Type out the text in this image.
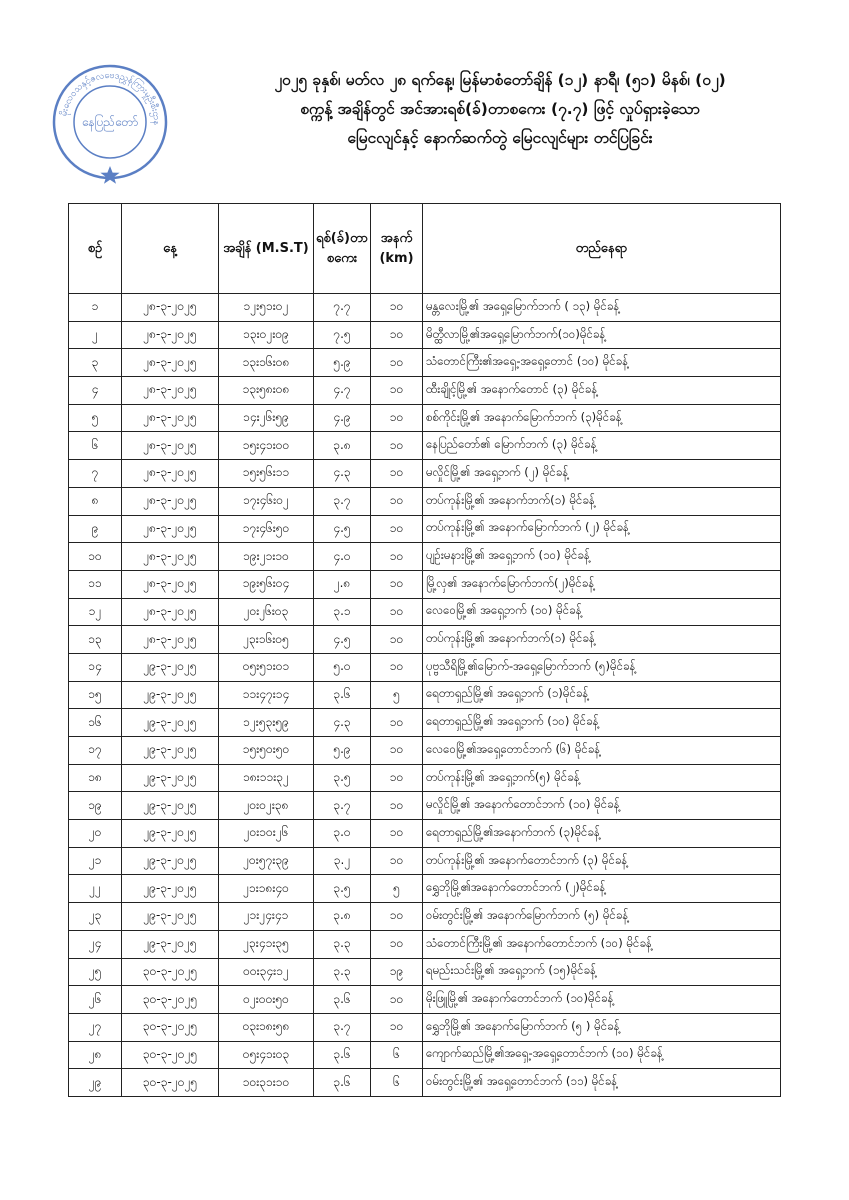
မိုးလေဝသနှင့်ဇလဗေဒညွှန်ကြားမှုဦးစီးဌာန
နေပြည်တော်
၂၀၂၅ ခုနှစ်၊ မတ်လ ၂၈ ရက်နေ့၊ မြန်မာစံတော်ချိန် (၁၂) နာရီ၊ (၅၁) မိနစ်၊ (၀၂)
စက္ကန့် အချိန်တွင် အင်အားရစ်(ခ်)တာစကေး (၇.၇) ဖြင့် လှုပ်ရှားခဲ့သော
မြေငလျင်နှင့် နောက်ဆက်တွဲ မြေငလျင်များ တင်ပြခြင်း
စဉ်	နေ့	အချိန် (M.S.T)	ရစ်(ခ်)တာစကေး	အနက် (km)	တည်နေရာ
၁	၂၈-၃-၂၀၂၅	၁၂း၅၁း၀၂	၇.၇	၁၀	မန္တလေးမြို့၏ အရှေ့မြောက်ဘက် ( ၁၃) မိုင်ခန့်
၂	၂၈-၃-၂၀၂၅	၁၃း၀၂း၀၉	၇.၅	၁၀	မိတ္ထီလာမြို့၏အရှေ့မြောက်ဘက်(၁၀)မိုင်ခန့်
၃	၂၈-၃-၂၀၂၅	၁၃း၁၆း၀၈	၅.၉	၁၀	သံတောင်ကြီး၏အရှေ့-အရှေ့တောင် (၁၀) မိုင်ခန့်
၄	၂၈-၃-၂၀၂၅	၁၃း၅၈း၀၈	၄.၇	၁၀	ထီးချိုင့်မြို့၏ အနောက်တောင် (၃) မိုင်ခန့်
၅	၂၈-၃-၂၀၂၅	၁၄း၂၆း၅၉	၄.၉	၁၀	စစ်ကိုင်းမြို့၏ အနောက်မြောက်ဘက် (၃)မိုင်ခန့်
၆	၂၈-၃-၂၀၂၅	၁၅း၄၁း၀၀	၃.၈	၁၀	နေပြည်တော်၏ မြောက်ဘက် (၃) မိုင်ခန့်
၇	၂၈-၃-၂၀၂၅	၁၅း၅၆း၁၁	၄.၃	၁၀	မလှိုင်မြို့၏ အရှေ့ဘက် (၂) မိုင်ခန့်
၈	၂၈-၃-၂၀၂၅	၁၇း၄၆း၀၂	၃.၇	၁၀	တပ်ကုန်းမြို့၏ အနောက်ဘက်(၁) မိုင်ခန့်
၉	၂၈-၃-၂၀၂၅	၁၇း၄၆း၅၀	၄.၅	၁၀	တပ်ကုန်းမြို့၏ အနောက်မြောက်ဘက် (၂) မိုင်ခန့်
၁၀	၂၈-၃-၂၀၂၅	၁၉း၂၁း၁၀	၄.၀	၁၀	ပျဉ်းမနားမြို့၏ အရှေ့ဘက် (၁၀) မိုင်ခန့်
၁၁	၂၈-၃-၂၀၂၅	၁၉း၅၆း၀၄	၂.၈	၁၀	မြို့လှ၏ အနောက်မြောက်ဘက်(၂)မိုင်ခန့်
၁၂	၂၈-၃-၂၀၂၅	၂၀း၂၆း၀၃	၃.၁	၁၀	လေဝေမြို့၏ အရှေ့ဘက် (၁၀) မိုင်ခန့်
၁၃	၂၈-၃-၂၀၂၅	၂၃း၁၆း၀၅	၄.၅	၁၀	တပ်ကုန်းမြို့၏ အနောက်ဘက်(၁) မိုင်ခန့်
၁၄	၂၉-၃-၂၀၂၅	၀၅း၅၁း၀၁	၅.၀	၁၀	ပုဗ္ဗသီရိမြို့၏မြောက်-အရှေ့မြောက်ဘက် (၅)မိုင်ခန့်
၁၅	၂၉-၃-၂၀၂၅	၁၁း၄၇း၁၄	၃.၆	၅	ရေတာရှည်မြို့၏ အရှေ့ဘက် (၁)မိုင်ခန့်
၁၆	၂၉-၃-၂၀၂၅	၁၂း၅၃း၅၉	၄.၃	၁၀	ရေတာရှည်မြို့၏ အရှေ့ဘက် (၁၀) မိုင်ခန့်
၁၇	၂၉-၃-၂၀၂၅	၁၅း၅၀း၅၀	၅.၉	၁၀	လေဝေမြို့၏အရှေ့တောင်ဘက် (၆) မိုင်ခန့်
၁၈	၂၉-၃-၂၀၂၅	၁၈း၁၁း၃၂	၃.၅	၁၀	တပ်ကုန်းမြို့၏ အရှေ့ဘက်(၅) မိုင်ခန့်
၁၉	၂၉-၃-၂၀၂၅	၂၀း၀၂း၃၈	၃.၇	၁၀	မလှိုင်မြို့၏ အနောက်တောင်ဘက် (၁၀) မိုင်ခန့်
၂၀	၂၉-၃-၂၀၂၅	၂၀း၁၀း၂၆	၃.၀	၁၀	ရေတာရှည်မြို့၏အနောက်ဘက် (၃)မိုင်ခန့်
၂၁	၂၉-၃-၂၀၂၅	၂၀း၅၇း၃၉	၃.၂	၁၀	တပ်ကုန်းမြို့၏ အနောက်တောင်ဘက် (၃) မိုင်ခန့်
၂၂	၂၉-၃-၂၀၂၅	၂၁း၁၈း၄၀	၃.၅	၅	ရွှေဘိုမြို့၏အနောက်တောင်ဘက် (၂)မိုင်ခန့်
၂၃	၂၉-၃-၂၀၂၅	၂၁း၂၄း၄၁	၃.၈	၁၀	ဝမ်းတွင်းမြို့၏ အနောက်မြောက်ဘက် (၅) မိုင်ခန့်
၂၄	၂၉-၃-၂၀၂၅	၂၃း၄၁း၃၅	၃.၃	၁၀	သံတောင်ကြီးမြို့၏ အနောက်တောင်ဘက် (၁၀) မိုင်ခန့်
၂၅	၃၀-၃-၂၀၂၅	၀၀း၃၄း၁၂	၃.၃	၁၉	ရမည်းသင်းမြို့၏ အရှေ့ဘက် (၁၅)မိုင်ခန့်
၂၆	၃၀-၃-၂၀၂၅	၀၂း၀၀း၅၀	၃.၆	၁၀	မိုးဖြူမြို့၏ အနောက်တောင်ဘက် (၁၀)မိုင်ခန့်
၂၇	၃၀-၃-၂၀၂၅	၀၃း၁၈း၅၈	၃.၇	၁၀	ရွှေဘိုမြို့၏ အနောက်မြောက်ဘက် (၅ ) မိုင်ခန့်
၂၈	၃၀-၃-၂၀၂၅	၀၅း၄၁း၀၃	၃.၆	၆	ကျောက်ဆည်မြို့၏အရှေ့-အရှေ့တောင်ဘက် (၁၀) မိုင်ခန့်
၂၉	၃၀-၃-၂၀၂၅	၁၀း၃၁း၁၀	၃.၆	၆	ဝမ်းတွင်းမြို့၏ အရှေ့တောင်ဘက် (၁၁) မိုင်ခန့်
